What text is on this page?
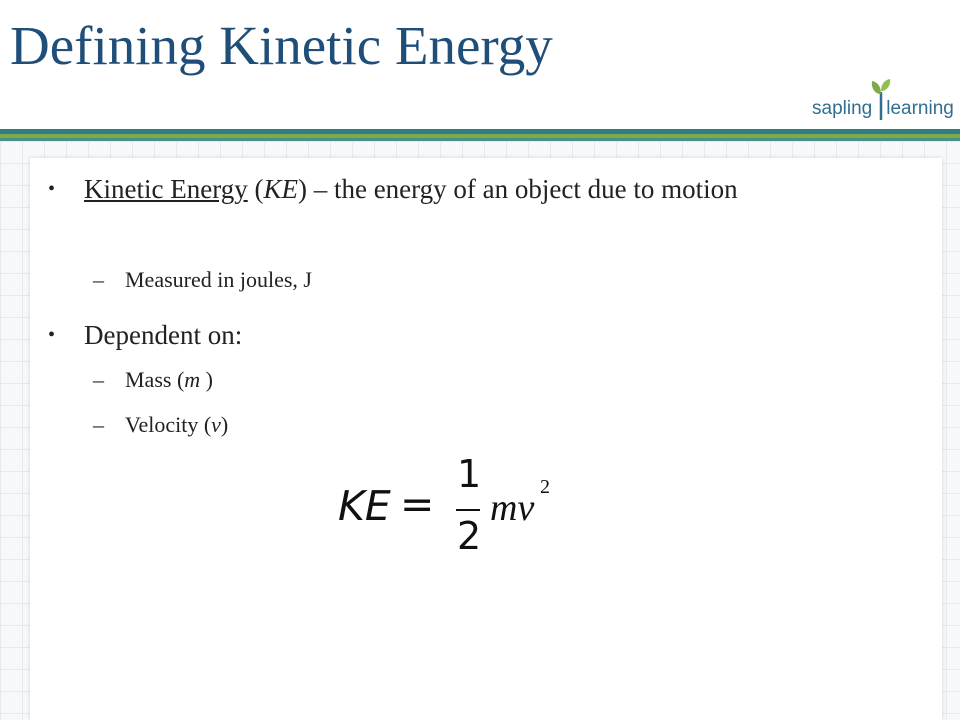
Defining Kinetic Energy
sapling learning
• Kinetic Energy (KE) – the energy of an object due to motion
– Measured in joules, J
• Dependent on:
– Mass (m )
– Velocity (v)
KE =
1
2
mv 2
